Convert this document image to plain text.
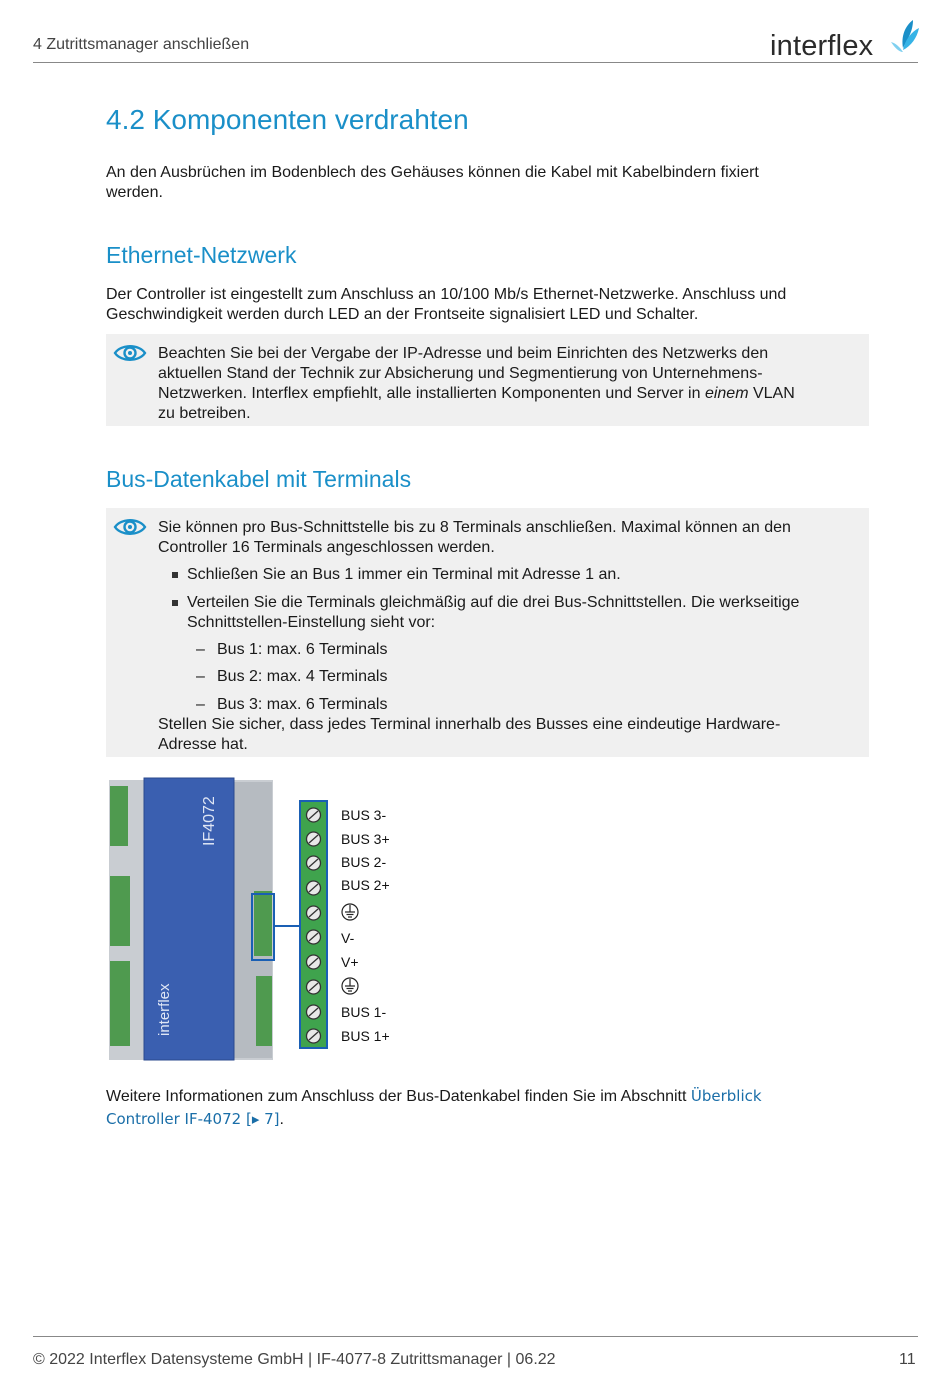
4 Zutrittsmanager anschließen	interflex
4.2 Komponenten verdrahten
An den Ausbrüchen im Bodenblech des Gehäuses können die Kabel mit Kabelbindern fixiert
werden.
Ethernet-Netzwerk
Der Controller ist eingestellt zum Anschluss an 10/100 Mb/s Ethernet-Netzwerke. Anschluss und
Geschwindigkeit werden durch LED an der Frontseite signalisiert LED und Schalter.
Beachten Sie bei der Vergabe der IP-Adresse und beim Einrichten des Netzwerks den
aktuellen Stand der Technik zur Absicherung und Segmentierung von Unternehmens-
Netzwerken. Interflex empfiehlt, alle installierten Komponenten und Server in einem VLAN
zu betreiben.
Bus-Datenkabel mit Terminals
Sie können pro Bus-Schnittstelle bis zu 8 Terminals anschließen. Maximal können an den
Controller 16 Terminals angeschlossen werden.
Schließen Sie an Bus 1 immer ein Terminal mit Adresse 1 an.
Verteilen Sie die Terminals gleichmäßig auf die drei Bus-Schnittstellen. Die werkseitige
Schnittstellen-Einstellung sieht vor:
– Bus 1: max. 6 Terminals
– Bus 2: max. 4 Terminals
– Bus 3: max. 6 Terminals
Stellen Sie sicher, dass jedes Terminal innerhalb des Busses eine eindeutige Hardware-
Adresse hat.
IF4072
interflex
BUS 3-
BUS 3+
BUS 2-
BUS 2+
V-
V+
BUS 1-
BUS 1+
Weitere Informationen zum Anschluss der Bus-Datenkabel finden Sie im Abschnitt Überblick
Controller IF-4072 [▸ 7].
© 2022 Interflex Datensysteme GmbH | IF-4077-8 Zutrittsmanager | 06.22	11
